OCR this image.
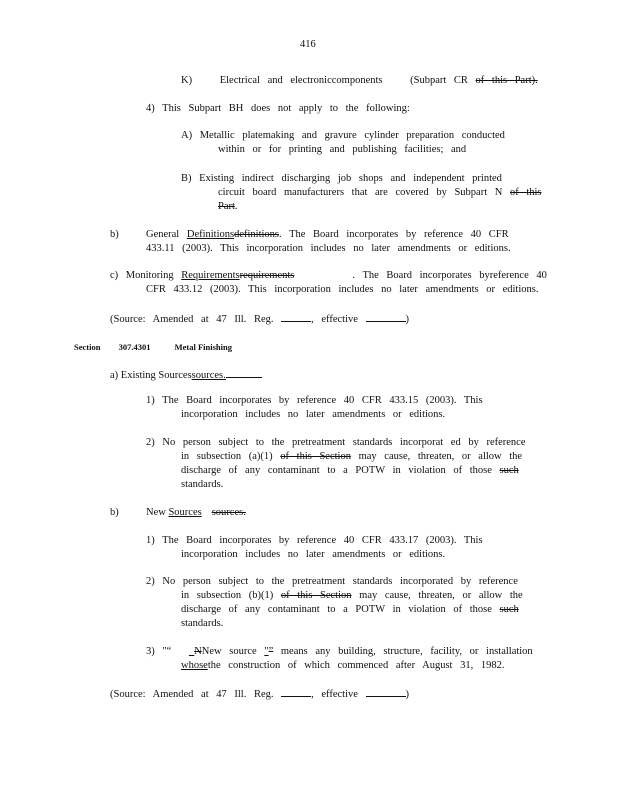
416
K)	Electrical and electroniccomponents	(Subpart CR of this Part).
4) This Subpart BH does not apply to the following:
A) Metallic platemaking and gravure cylinder preparation conducted
within or for printing and publishing facilities; and
B) Existing indirect discharging job shops and independent printed
circuit board manufacturers that are covered by Subpart N of this
Part.
b)	General Definitionsdefinitions. The Board incorporates by reference 40 CFR
433.11 (2003). This incorporation includes no later amendments or editions.
c) Monitoring Requirementsrequirements	. The Board incorporates byreference 40
CFR 433.12 (2003). This incorporation includes no later amendments or editions.
(Source: Amended at 47 Ill. Reg.	, effective	)
Section 307.4301	Metal Finishing
a) Existing Sourcessources.
1) The Board incorporates by reference 40 CFR 433.15 (2003). This
incorporation includes no later amendments or editions.
2) No person subject to the pretreatment standards incorporat ed by reference
in subsection (a)(1) of this Section may cause, threaten, or allow the
discharge of any contaminant to a POTW in violation of those such
standards.
b)	New Sources sources.
1) The Board incorporates by reference 40 CFR 433.17 (2003). This
incorporation includes no later amendments or editions.
2) No person subject to the pretreatment standards incorporated by reference
in subsection (b)(1) of this Section may cause, threaten, or allow the
discharge of any contaminant to a POTW in violation of those such
standards.
3) "“ _NNew source "” means any building, structure, facility, or installation
whosethe construction of which commenced after August 31, 1982.
(Source: Amended at 47 Ill. Reg.	, effective	)
